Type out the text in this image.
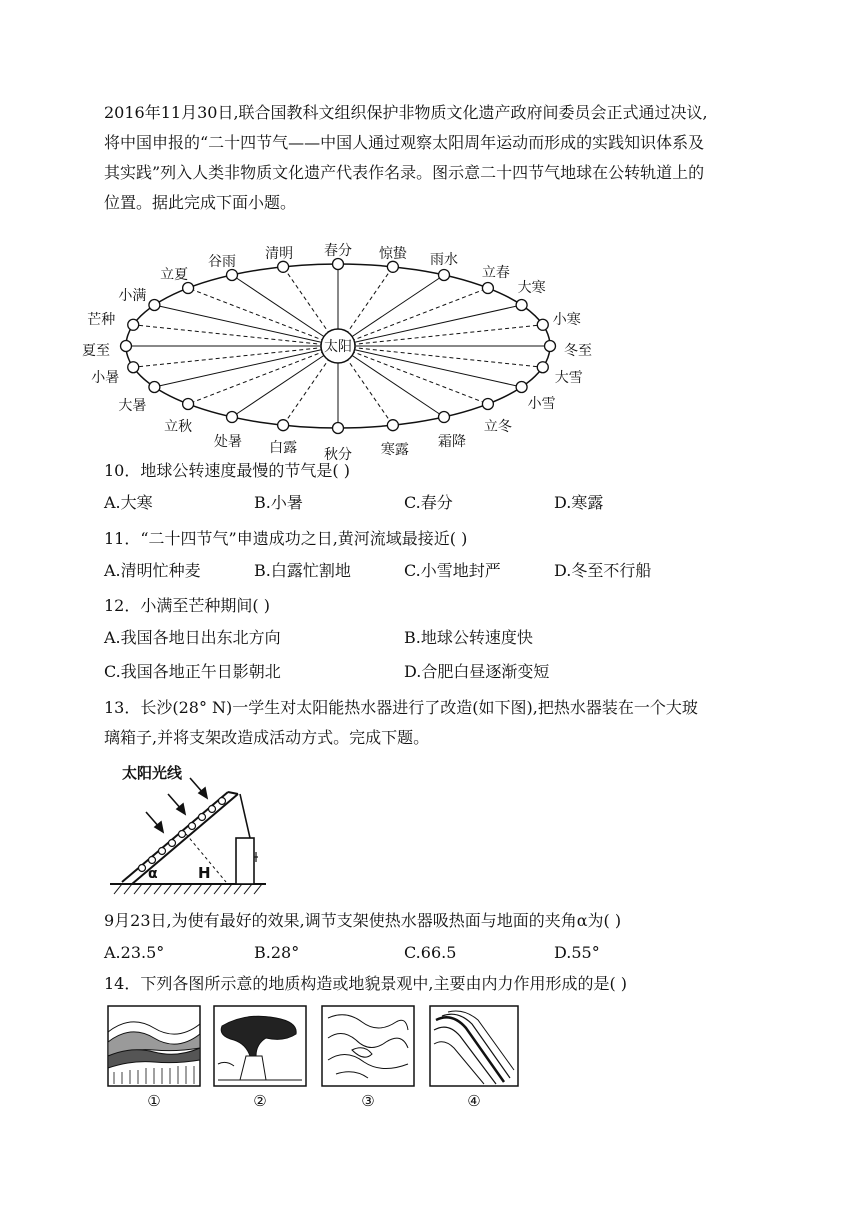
2016年11月30日,联合国教科文组织保护非物质文化遗产政府间委员会正式通过决议,
将中国申报的“二十四节气——中国人通过观察太阳周年运动而形成的实践知识体系及
其实践”列入人类非物质文化遗产代表作名录。图示意二十四节气地球在公转轨道上的
位置。据此完成下面小题。
冬至
小寒
大寒
立春
雨水
惊蛰
春分
清明
谷雨
立夏
小满
芒种
夏至
小暑
大暑
立秋
处暑 白露 秋分 寒露
霜降
立冬
小雪
大雪
太阳
10．地球公转速度最慢的节气是( )
A.大寒	B.小暑	C.春分	D.寒露
11．“二十四节气”申遗成功之日,黄河流域最接近( )
A.清明忙种麦	B.白露忙割地	C.小雪地封严	D.冬至不行船
12．小满至芒种期间( )
A.我国各地日出东北方向	B.地球公转速度快
C.我国各地正午日影朝北	D.合肥白昼逐渐变短
13．长沙(28° N)一学生对太阳能热水器进行了改造(如下图),把热水器装在一个大玻
璃箱子,并将支架改造成活动方式。完成下题。
太阳光线
H
α
9月23日,为使有最好的效果,调节支架使热水器吸热面与地面的夹角α为( )
A.23.5°	B.28°	C.66.5	D.55°
14．下列各图所示意的地质构造或地貌景观中,主要由内力作用形成的是( )
①	②	③	④
